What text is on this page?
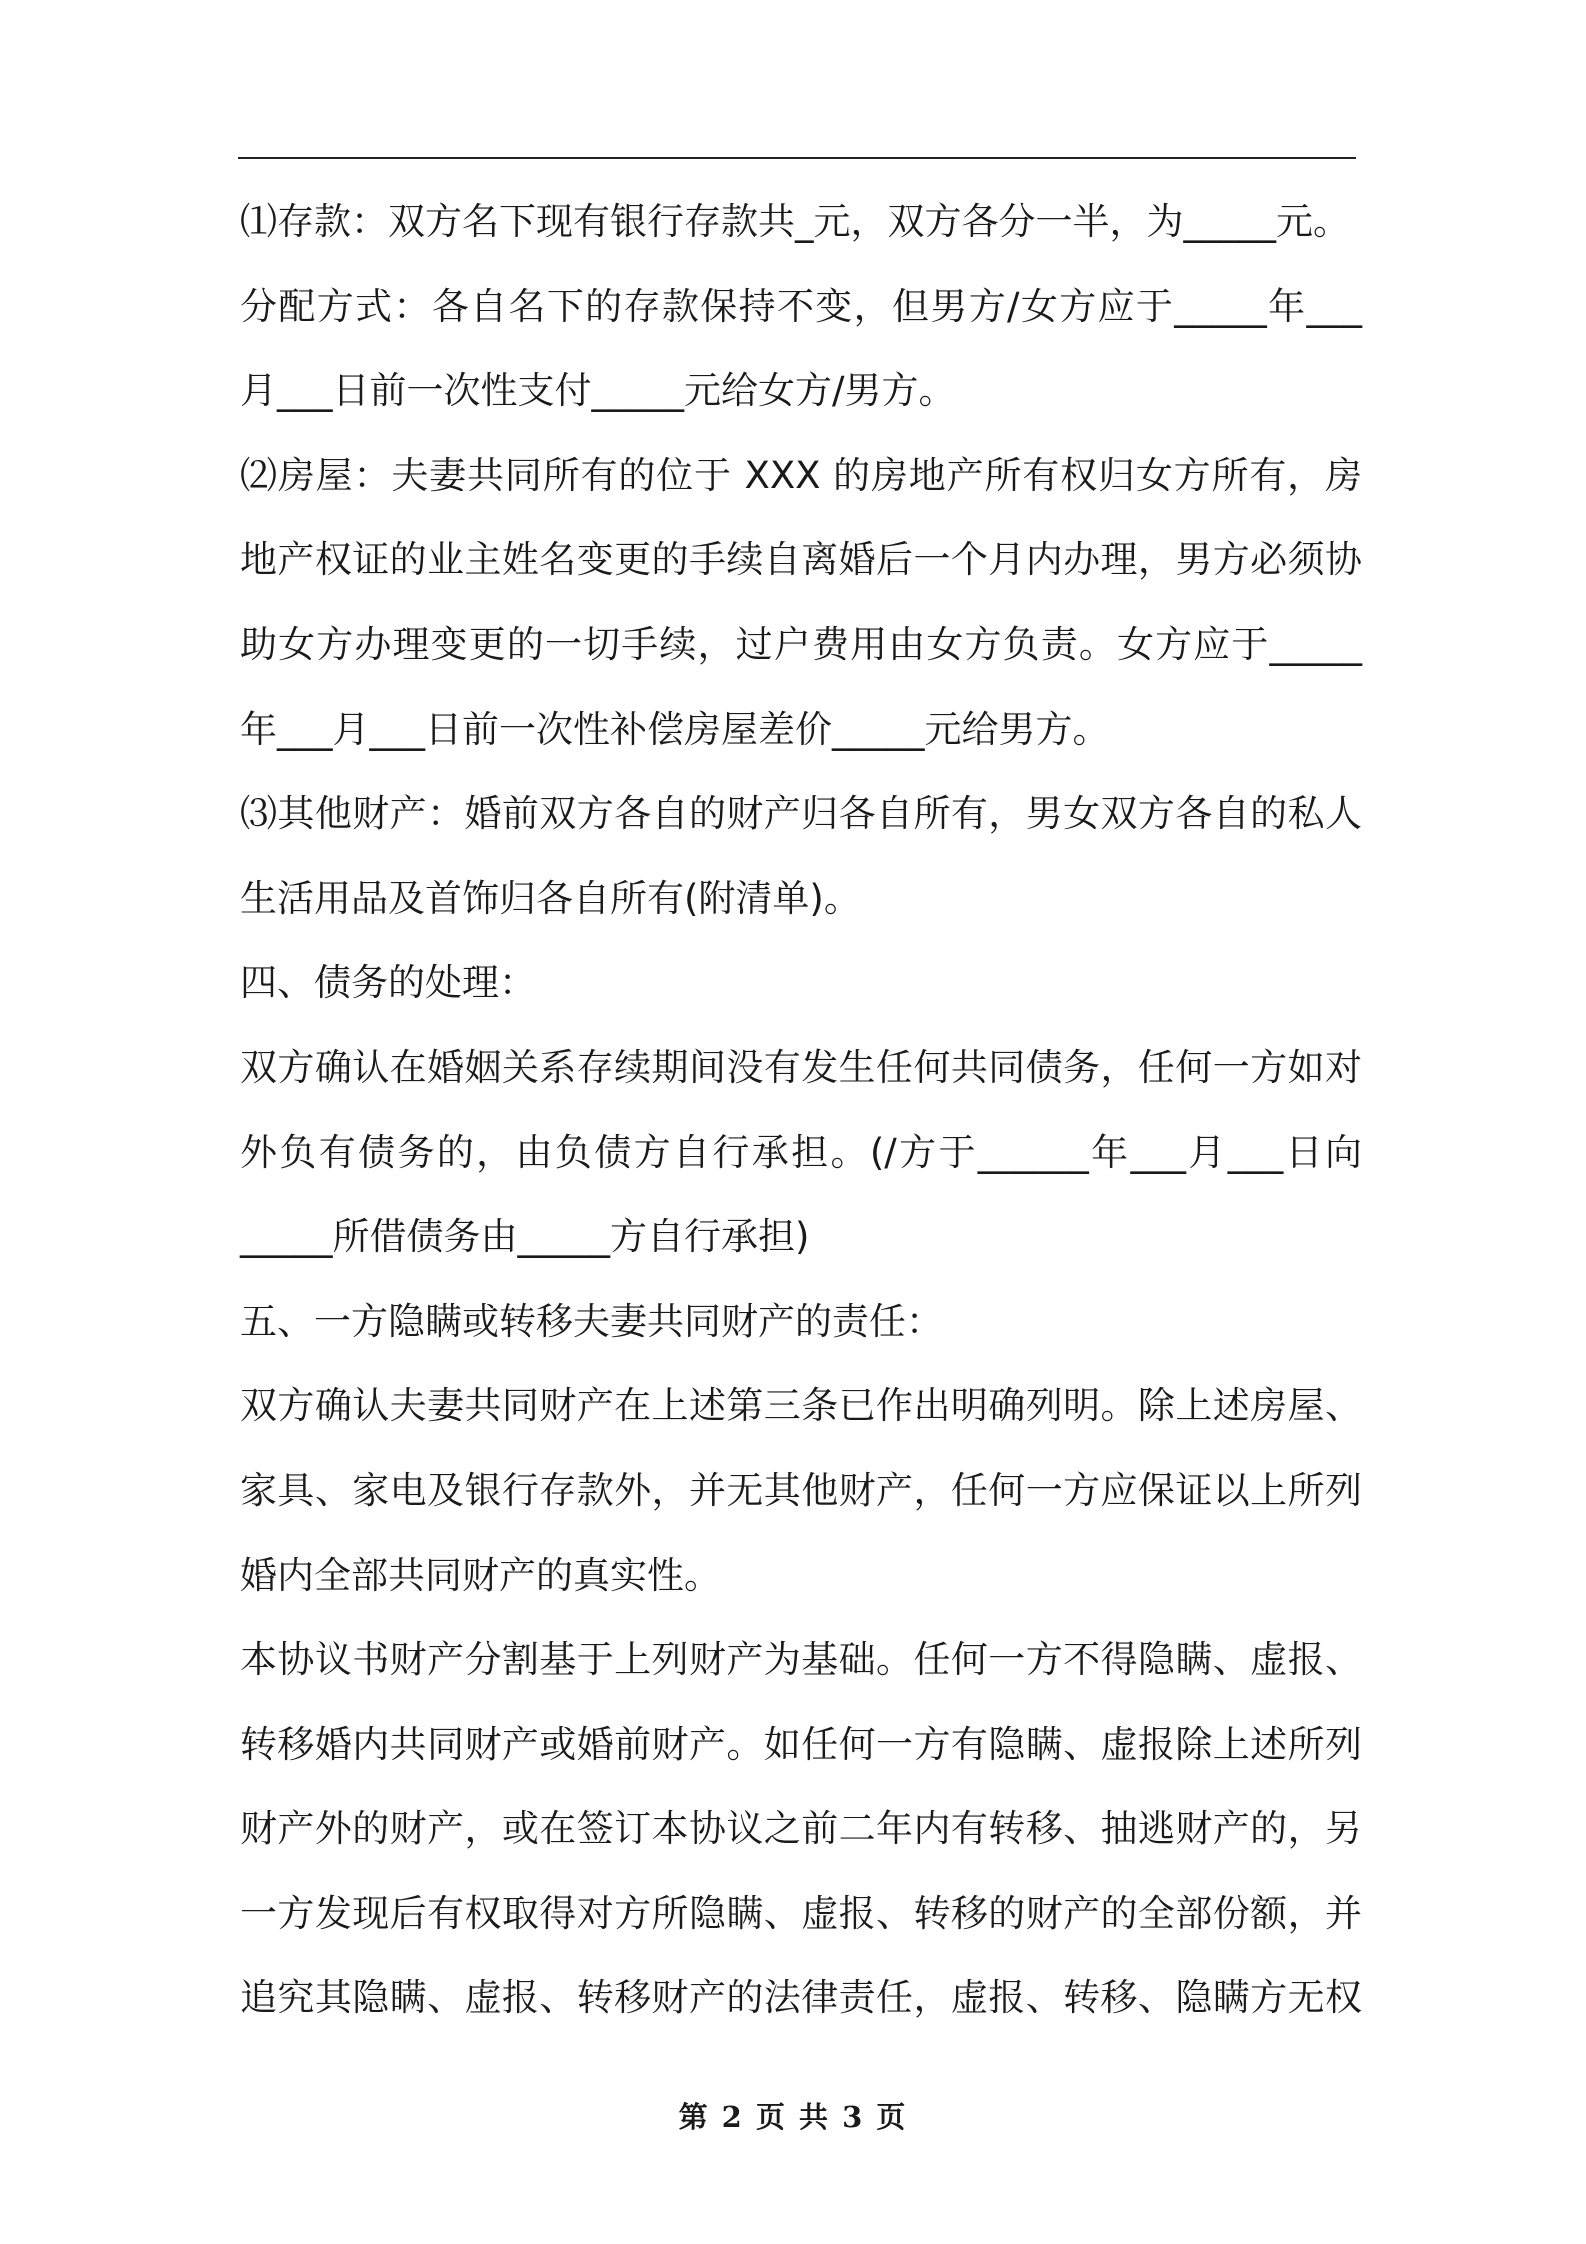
⑴存款：双方名下现有银行存款共_元，双方各分一半，为_____元。
分配方式：各自名下的存款保持不变，但男方/女方应于_____年___
月___日前一次性支付_____元给女方/男方。
⑵房屋：夫妻共同所有的位于 XXX 的房地产所有权归女方所有，房
地产权证的业主姓名变更的手续自离婚后一个月内办理，男方必须协
助女方办理变更的一切手续，过户费用由女方负责。女方应于_____
年___月___日前一次性补偿房屋差价_____元给男方。
⑶其他财产：婚前双方各自的财产归各自所有，男女双方各自的私人
生活用品及首饰归各自所有(附清单)。
四、债务的处理：
双方确认在婚姻关系存续期间没有发生任何共同债务，任何一方如对
外负有债务的，由负债方自行承担。(/方于______年___月___日向
_____所借债务由_____方自行承担)
五、一方隐瞒或转移夫妻共同财产的责任：
双方确认夫妻共同财产在上述第三条已作出明确列明。除上述房屋、
家具、家电及银行存款外，并无其他财产，任何一方应保证以上所列
婚内全部共同财产的真实性。
本协议书财产分割基于上列财产为基础。任何一方不得隐瞒、虚报、
转移婚内共同财产或婚前财产。如任何一方有隐瞒、虚报除上述所列
财产外的财产，或在签订本协议之前二年内有转移、抽逃财产的，另
一方发现后有权取得对方所隐瞒、虚报、转移的财产的全部份额，并
追究其隐瞒、虚报、转移财产的法律责任，虚报、转移、隐瞒方无权
第 2 页 共 3 页
